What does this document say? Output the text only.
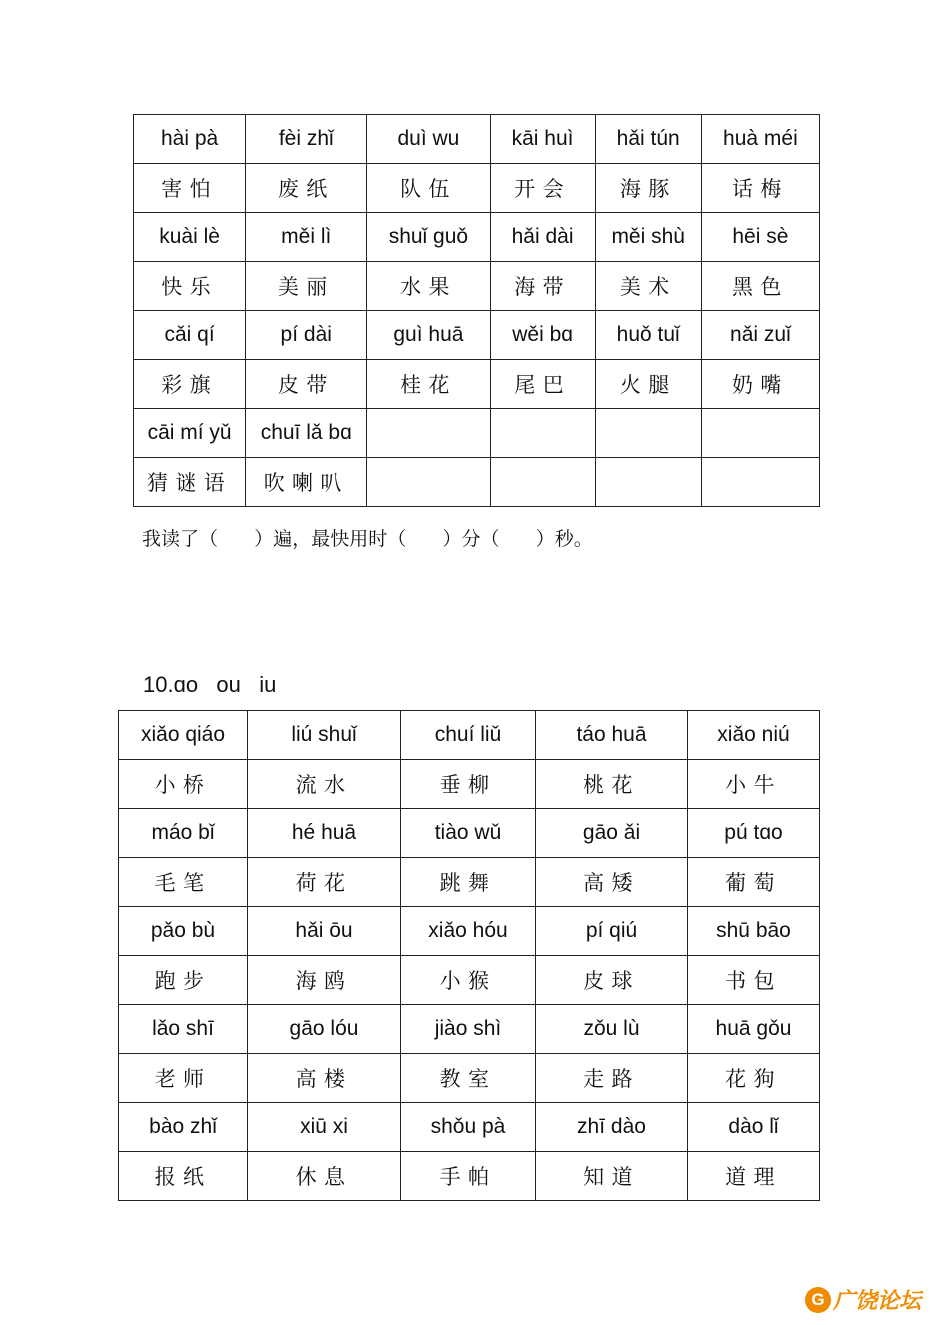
hài pà	fèi zhǐ	duì wu	kāi huì	hǎi tún	huà méi
害怕	废纸	队伍	开会	海豚	话梅
kuài lè	měi lì	shuǐ guǒ	hǎi dài	měi shù	hēi sè
快乐	美丽	水果	海带	美术	黑色
cǎi qí	pí dài	guì huā	wěi bɑ	huǒ tuǐ	nǎi zuǐ
彩旗	皮带	桂花	尾巴	火腿	奶嘴
cāi mí yǔ	chuī lǎ bɑ				
猜谜语	吹喇叭				
我读了（      ）遍，最快用时（      ）分（      ）秒。
10.ɑo   ou   iu
xiǎo qiáo	liú shuǐ	chuí liǔ	táo huā	xiǎo niú
小桥	流水	垂柳	桃花	小牛
máo bǐ	hé huā	tiào wǔ	gāo ǎi	pú tɑo
毛笔	荷花	跳舞	高矮	葡萄
pǎo bù	hǎi ōu	xiǎo hóu	pí qiú	shū bāo
跑步	海鸥	小猴	皮球	书包
lǎo shī	gāo lóu	jiào shì	zǒu lù	huā gǒu
老师	高楼	教室	走路	花狗
bào zhǐ	xiū xi	shǒu pà	zhī dào	dào lǐ
报纸	休息	手帕	知道	道理
G 广饶论坛
